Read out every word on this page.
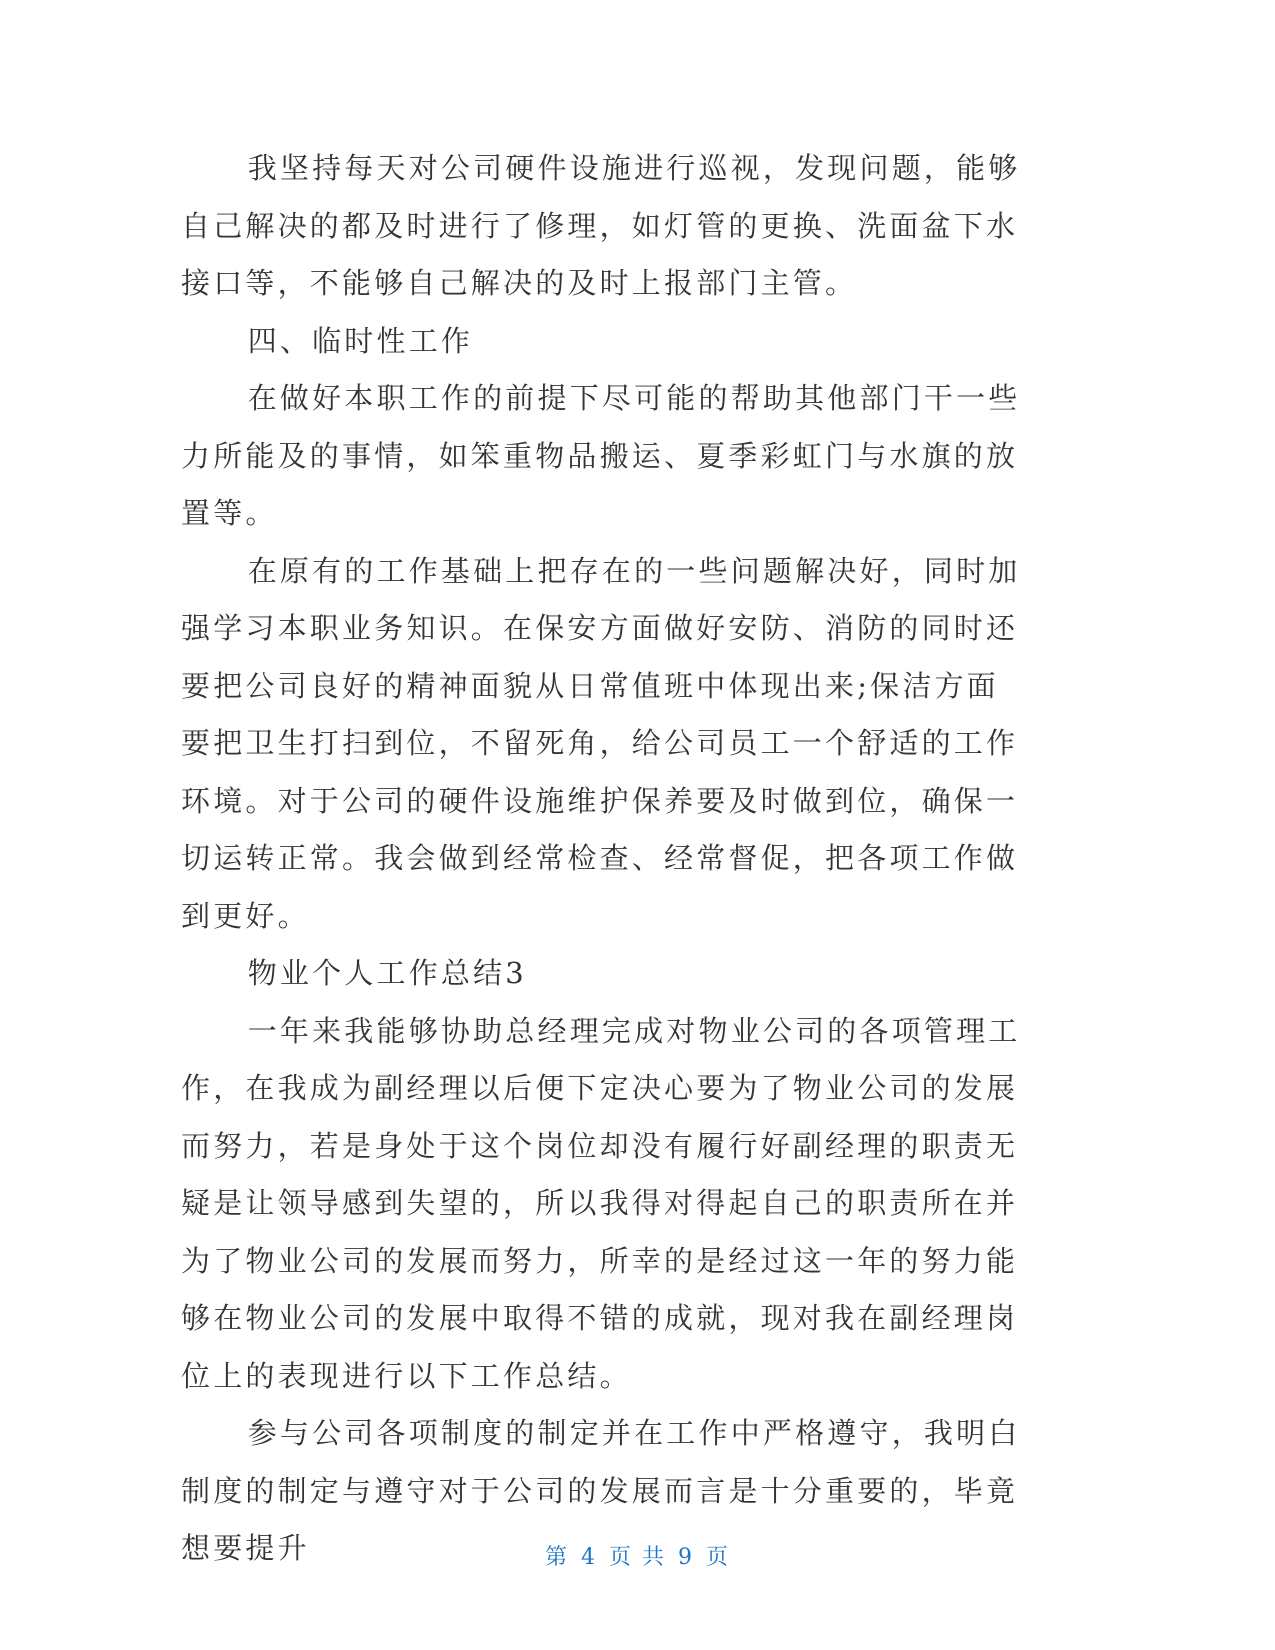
我坚持每天对公司硬件设施进行巡视，发现问题，能够自己解决的都及时进行了修理，如灯管的更换、洗面盆下水接口等，不能够自己解决的及时上报部门主管。

四、临时性工作

在做好本职工作的前提下尽可能的帮助其他部门干一些力所能及的事情，如笨重物品搬运、夏季彩虹门与水旗的放置等。

在原有的工作基础上把存在的一些问题解决好，同时加强学习本职业务知识。在保安方面做好安防、消防的同时还要把公司良好的精神面貌从日常值班中体现出来;保洁方面要把卫生打扫到位，不留死角，给公司员工一个舒适的工作环境。对于公司的硬件设施维护保养要及时做到位，确保一切运转正常。我会做到经常检查、经常督促，把各项工作做到更好。

物业个人工作总结3

一年来我能够协助总经理完成对物业公司的各项管理工作，在我成为副经理以后便下定决心要为了物业公司的发展而努力，若是身处于这个岗位却没有履行好副经理的职责无疑是让领导感到失望的，所以我得对得起自己的职责所在并为了物业公司的发展而努力，所幸的是经过这一年的努力能够在物业公司的发展中取得不错的成就，现对我在副经理岗位上的表现进行以下工作总结。

参与公司各项制度的制定并在工作中严格遵守，我明白制度的制定与遵守对于公司的发展而言是十分重要的，毕竟想要提升	第 4 页 共 9 页
